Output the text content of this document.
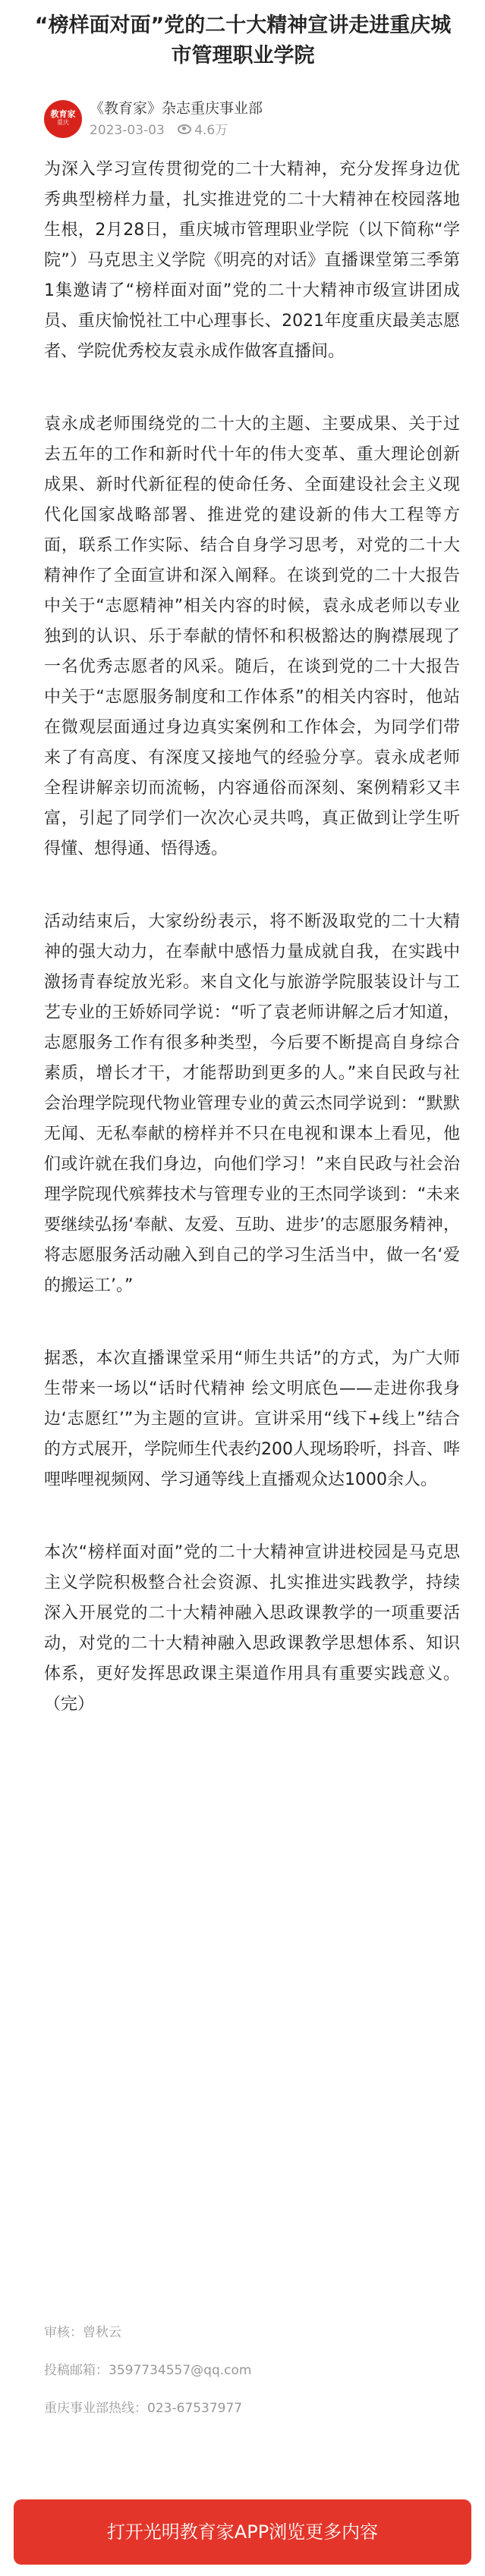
“榜样面对面”党的二十大精神宣讲走进重庆城市管理职业学院
教育家
重庆
《教育家》杂志重庆事业部
2023-03-03 4.6万

为深入学习宣传贯彻党的二十大精神，充分发挥身边优秀典型榜样力量，扎实推进党的二十大精神在校园落地生根，2月28日，重庆城市管理职业学院（以下简称“学院”）马克思主义学院《明亮的对话》直播课堂第三季第1集邀请了“榜样面对面”党的二十大精神市级宣讲团成员、重庆愉悦社工中心理事长、2021年度重庆最美志愿者、学院优秀校友袁永成作做客直播间。

袁永成老师围绕党的二十大的主题、主要成果、关于过去五年的工作和新时代十年的伟大变革、重大理论创新成果、新时代新征程的使命任务、全面建设社会主义现代化国家战略部署、推进党的建设新的伟大工程等方面，联系工作实际、结合自身学习思考，对党的二十大精神作了全面宣讲和深入阐释。在谈到党的二十大报告中关于“志愿精神”相关内容的时候，袁永成老师以专业独到的认识、乐于奉献的情怀和积极豁达的胸襟展现了一名优秀志愿者的风采。随后，在谈到党的二十大报告中关于“志愿服务制度和工作体系”的相关内容时，他站在微观层面通过身边真实案例和工作体会，为同学们带来了有高度、有深度又接地气的经验分享。袁永成老师全程讲解亲切而流畅，内容通俗而深刻、案例精彩又丰富，引起了同学们一次次心灵共鸣，真正做到让学生听得懂、想得通、悟得透。

活动结束后，大家纷纷表示，将不断汲取党的二十大精神的强大动力，在奉献中感悟力量成就自我，在实践中激扬青春绽放光彩。来自文化与旅游学院服装设计与工艺专业的王娇娇同学说：“听了袁老师讲解之后才知道，志愿服务工作有很多种类型，今后要不断提高自身综合素质，增长才干，才能帮助到更多的人。”来自民政与社会治理学院现代物业管理专业的黄云杰同学说到：“默默无闻、无私奉献的榜样并不只在电视和课本上看见，他们或许就在我们身边，向他们学习！”来自民政与社会治理学院现代殡葬技术与管理专业的王杰同学谈到：“未来要继续弘扬‘奉献、友爱、互助、进步’的志愿服务精神，将志愿服务活动融入到自己的学习生活当中，做一名‘爱的搬运工’。”

据悉，本次直播课堂采用“师生共话”的方式，为广大师生带来一场以“话时代精神 绘文明底色——走进你我身边‘志愿红’”为主题的宣讲。宣讲采用“线下+线上”结合的方式展开，学院师生代表约200人现场聆听，抖音、哔哩哔哩视频网、学习通等线上直播观众达1000余人。

本次“榜样面对面”党的二十大精神宣讲进校园是马克思主义学院积极整合社会资源、扎实推进实践教学，持续深入开展党的二十大精神融入思政课教学的一项重要活动，对党的二十大精神融入思政课教学思想体系、知识体系，更好发挥思政课主渠道作用具有重要实践意义。（完）

审核：曾秋云
投稿邮箱：3597734557@qq.com
重庆事业部热线：023-67537977
打开光明教育家APP浏览更多内容
